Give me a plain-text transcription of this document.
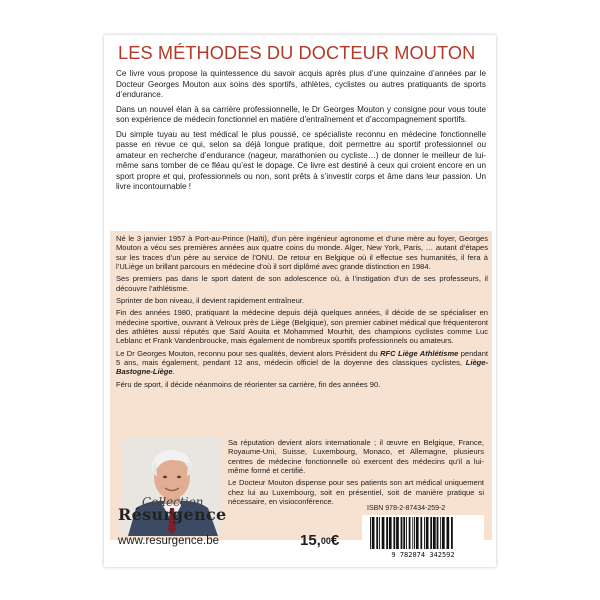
LES MÉTHODES DU DOCTEUR MOUTON

Ce livre vous propose la quintessence du savoir acquis après plus d’une quinzaine d’années par le Docteur Georges Mouton aux soins des sportifs, athlètes, cyclistes ou autres pratiquants de sports d’endurance.

Dans un nouvel élan à sa carrière professionnelle, le Dr Georges Mouton y consigne pour vous toute son expérience de médecin fonctionnel en matière d’entraînement et d’accompagnement sportifs.

Du simple tuyau au test médical le plus poussé, ce spécialiste reconnu en médecine fonctionnelle passe en revue ce qui, selon sa déjà longue pratique, doit permettre au sportif professionnel ou amateur en recherche d’endurance (nageur, marathonien ou cycliste…) de donner le meilleur de lui-même sans tomber de ce fléau qu’est le dopage. Ce livre est destiné à ceux qui croient encore en un sport propre et qui, professionnels ou non, sont prêts à s’investir corps et âme dans leur passion. Un livre incontournable !

Né le 3 janvier 1957 à Port-au-Prince (Haïti), d’un père ingénieur agronome et d’une mère au foyer, Georges Mouton a vécu ses premières années aux quatre coins du monde. Alger, New York, Paris, … autant d’étapes sur les traces d’un père au service de l’ONU. De retour en Belgique où il effectue ses humanités, il fera à l’ULiège un brillant parcours en médecine d’où il sort diplômé avec grande distinction en 1984.

Ses premiers pas dans le sport datent de son adolescence où, à l’instigation d’un de ses professeurs, il découvre l’athlétisme.

Sprinter de bon niveau, il devient rapidement entraîneur.

Fin des années 1980, pratiquant la médecine depuis déjà quelques années, il décide de se spécialiser en médecine sportive, ouvrant à Velroux près de Liège (Belgique), son premier cabinet médical que fréquenteront des athlètes aussi réputés que Saïd Aouita et Mohammed Mourhit, des champions cyclistes comme Luc Leblanc et Frank Vandenbroucke, mais également de nombreux sportifs professionnels ou amateurs.

Le Dr Georges Mouton, reconnu pour ses qualités, devient alors Président du RFC Liège Athlétisme pendant 5 ans, mais également, pendant 12 ans, médecin officiel de la doyenne des classiques cyclistes, Liège-Bastogne-Liège.

Féru de sport, il décide néanmoins de réorienter sa carrière, fin des années 90.

Sa réputation devient alors internationale ; il œuvre en Belgique, France, Royaume-Uni, Suisse, Luxembourg, Monaco, et Allemagne, plusieurs centres de médecine fonctionnelle où exercent des médecins qu’il a lui-même formé et certifié.

Le Docteur Mouton dispense pour ses patients son art médical uniquement chez lui au Luxembourg, soit en présentiel, soit de manière pratique si nécessaire, en visioconférence.

ISBN 978-2-87434-259-2
9 782874 342592
Collection
Résurgence
www.resurgence.be	15,00€
